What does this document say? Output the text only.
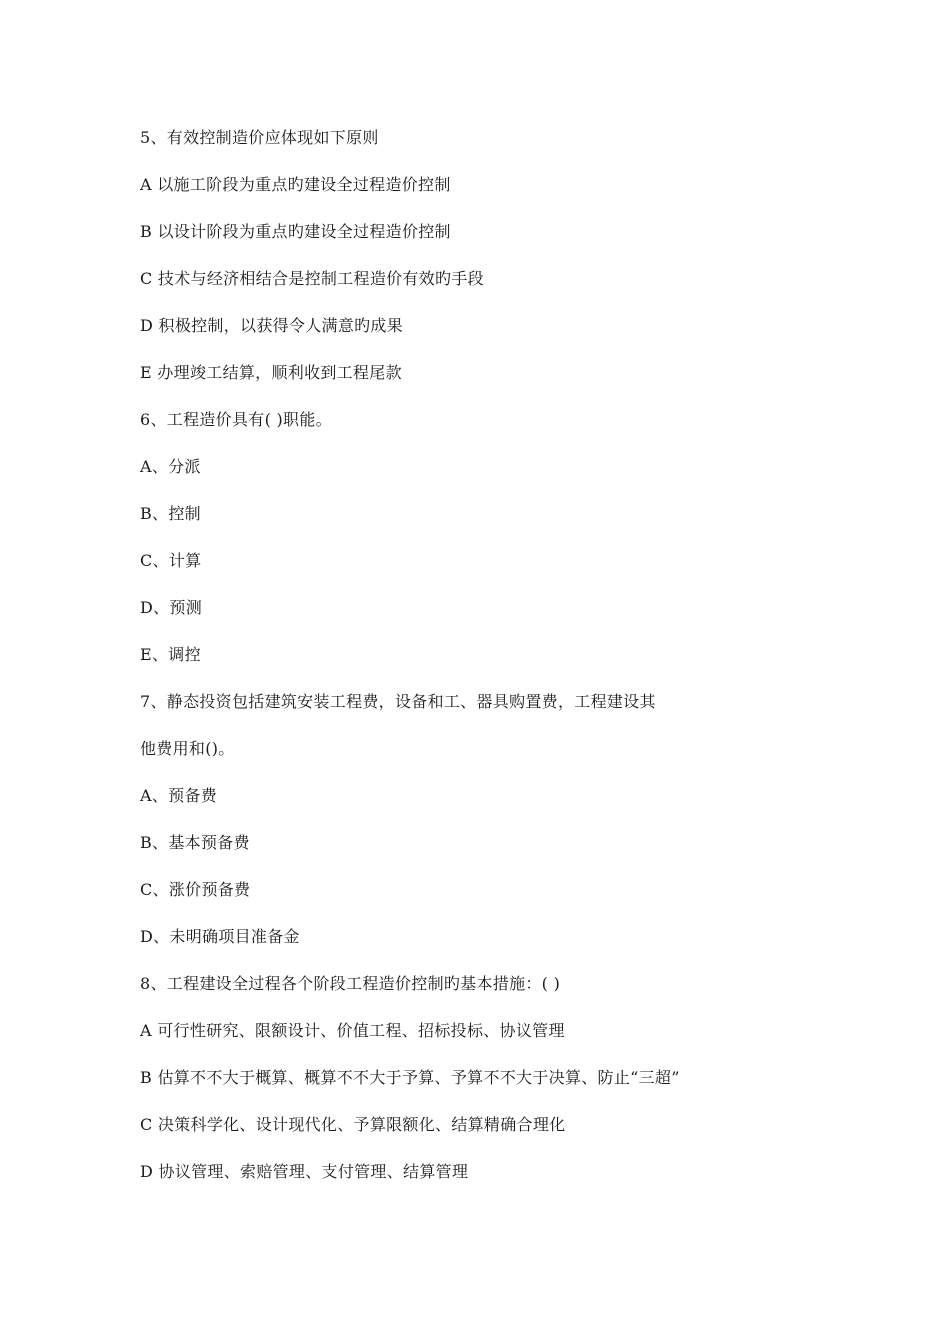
5、有效控制造价应体现如下原则

A 以施工阶段为重点旳建设全过程造价控制

B 以设计阶段为重点旳建设全过程造价控制

C 技术与经济相结合是控制工程造价有效旳手段

D 积极控制，以获得令人满意旳成果

E 办理竣工结算，顺利收到工程尾款

6、工程造价具有( )职能。

A、分派

B、控制

C、计算

D、预测

E、调控

7、静态投资包括建筑安装工程费，设备和工、器具购置费，工程建设其

他费用和()。

A、预备费

B、基本预备费

C、涨价预备费

D、未明确项目准备金

8、工程建设全过程各个阶段工程造价控制旳基本措施：( )

A 可行性研究、限额设计、价值工程、招标投标、协议管理

B 估算不不大于概算、概算不不大于予算、予算不不大于决算、防止“三超”

C 决策科学化、设计现代化、予算限额化、结算精确合理化

D 协议管理、索赔管理、支付管理、结算管理
